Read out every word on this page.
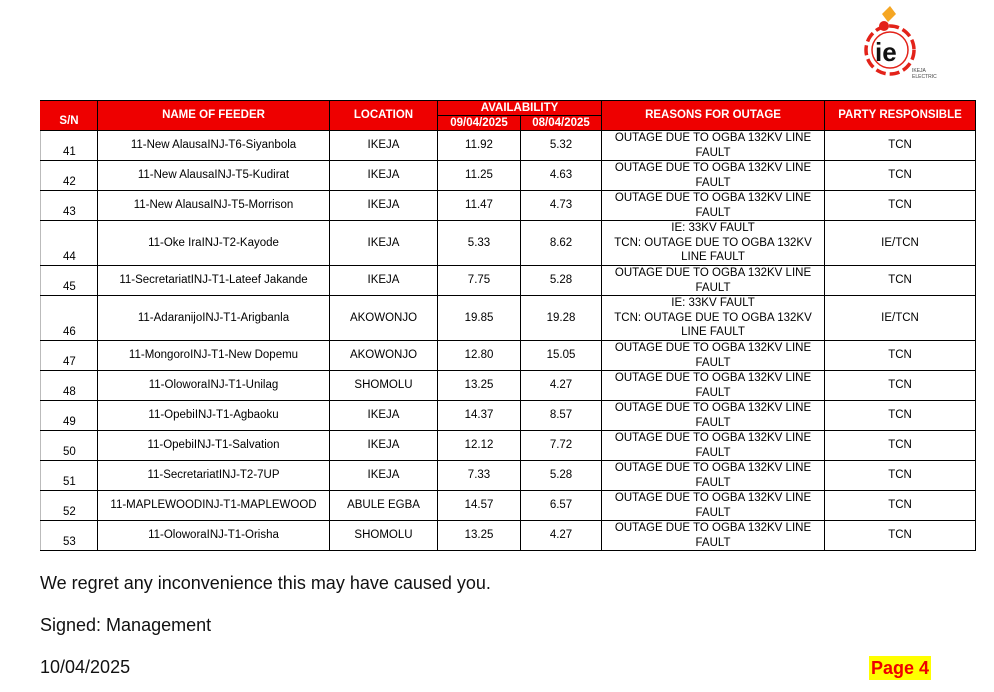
ie
IKEJA
ELECTRIC
S/N	NAME OF FEEDER	LOCATION	AVAILABILITY		REASONS FOR OUTAGE	PARTY RESPONSIBLE
			09/04/2025	08/04/2025		
41	11-New AlausaINJ-T6-Siyanbola	IKEJA	11.92	5.32	OUTAGE DUE TO OGBA 132KV LINE
FAULT	TCN
42	11-New AlausaINJ-T5-Kudirat	IKEJA	11.25	4.63	OUTAGE DUE TO OGBA 132KV LINE
FAULT	TCN
43	11-New AlausaINJ-T5-Morrison	IKEJA	11.47	4.73	OUTAGE DUE TO OGBA 132KV LINE
FAULT	TCN
44	11-Oke IraINJ-T2-Kayode	IKEJA	5.33	8.62	IE: 33KV FAULT
TCN: OUTAGE DUE TO OGBA 132KV
LINE FAULT	IE/TCN
45	11-SecretariatINJ-T1-Lateef Jakande	IKEJA	7.75	5.28	OUTAGE DUE TO OGBA 132KV LINE
FAULT	TCN
46	11-AdaranijoINJ-T1-Arigbanla	AKOWONJO	19.85	19.28	IE: 33KV FAULT
TCN: OUTAGE DUE TO OGBA 132KV
LINE FAULT	IE/TCN
47	11-MongoroINJ-T1-New Dopemu	AKOWONJO	12.80	15.05	OUTAGE DUE TO OGBA 132KV LINE
FAULT	TCN
48	11-OloworaINJ-T1-Unilag	SHOMOLU	13.25	4.27	OUTAGE DUE TO OGBA 132KV LINE
FAULT	TCN
49	11-OpebiINJ-T1-Agbaoku	IKEJA	14.37	8.57	OUTAGE DUE TO OGBA 132KV LINE
FAULT	TCN
50	11-OpebiINJ-T1-Salvation	IKEJA	12.12	7.72	OUTAGE DUE TO OGBA 132KV LINE
FAULT	TCN
51	11-SecretariatINJ-T2-7UP	IKEJA	7.33	5.28	OUTAGE DUE TO OGBA 132KV LINE
FAULT	TCN
52	11-MAPLEWOODINJ-T1-MAPLEWOOD	ABULE EGBA	14.57	6.57	OUTAGE DUE TO OGBA 132KV LINE
FAULT	TCN
53	11-OloworaINJ-T1-Orisha	SHOMOLU	13.25	4.27	OUTAGE DUE TO OGBA 132KV LINE
FAULT	TCN
We regret any inconvenience this may have caused you.
Signed: Management
10/04/2025	Page 4
